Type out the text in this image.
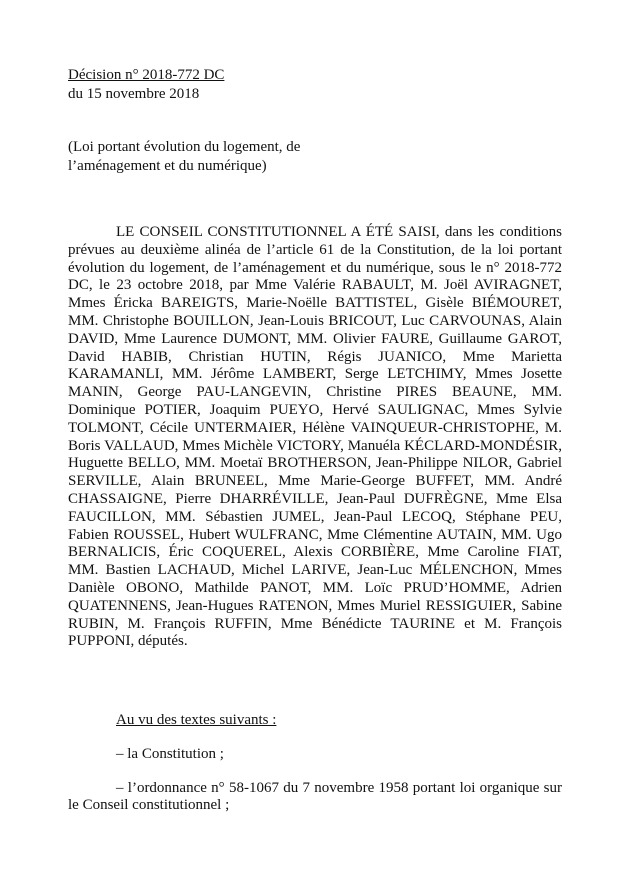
Décision n° 2018-772 DC
du 15 novembre 2018
(Loi portant évolution du logement, de
l’aménagement et du numérique)
LE CONSEIL CONSTITUTIONNEL A ÉTÉ SAISI, dans les conditions prévues au deuxième alinéa de l’article 61 de la Constitution, de la loi portant évolution du logement, de l’aménagement et du numérique, sous le n° 2018-772 DC, le 23 octobre 2018, par Mme Valérie RABAULT, M. Joël AVIRAGNET, Mmes Éricka BAREIGTS, Marie-Noëlle BATTISTEL, Gisèle BIÉMOURET, MM. Christophe BOUILLON, Jean-Louis BRICOUT, Luc CARVOUNAS, Alain DAVID, Mme Laurence DUMONT, MM. Olivier FAURE, Guillaume GAROT, David HABIB, Christian HUTIN, Régis JUANICO, Mme Marietta KARAMANLI, MM. Jérôme LAMBERT, Serge LETCHIMY, Mmes Josette MANIN, George PAU-LANGEVIN, Christine PIRES BEAUNE, MM. Dominique POTIER, Joaquim PUEYO, Hervé SAULIGNAC, Mmes Sylvie TOLMONT, Cécile UNTERMAIER, Hélène VAINQUEUR-CHRISTOPHE, M. Boris VALLAUD, Mmes Michèle VICTORY, Manuéla KÉCLARD-MONDÉSIR, Huguette BELLO, MM. Moetaï BROTHERSON, Jean-Philippe NILOR, Gabriel SERVILLE, Alain BRUNEEL, Mme Marie-George BUFFET, MM. André CHASSAIGNE, Pierre DHARRÉVILLE, Jean-Paul DUFRÈGNE, Mme Elsa FAUCILLON, MM. Sébastien JUMEL, Jean-Paul LECOQ, Stéphane PEU, Fabien ROUSSEL, Hubert WULFRANC, Mme Clémentine AUTAIN, MM. Ugo BERNALICIS, Éric COQUEREL, Alexis CORBIÈRE, Mme Caroline FIAT, MM. Bastien LACHAUD, Michel LARIVE, Jean-Luc MÉLENCHON, Mmes Danièle OBONO, Mathilde PANOT, MM. Loïc PRUD’HOMME, Adrien QUATENNENS, Jean-Hugues RATENON, Mmes Muriel RESSIGUIER, Sabine RUBIN, M. François RUFFIN, Mme Bénédicte TAURINE et M. François PUPPONI, députés.

Au vu des textes suivants :

– la Constitution ;

– l’ordonnance n° 58-1067 du 7 novembre 1958 portant loi organique sur le Conseil constitutionnel ;
